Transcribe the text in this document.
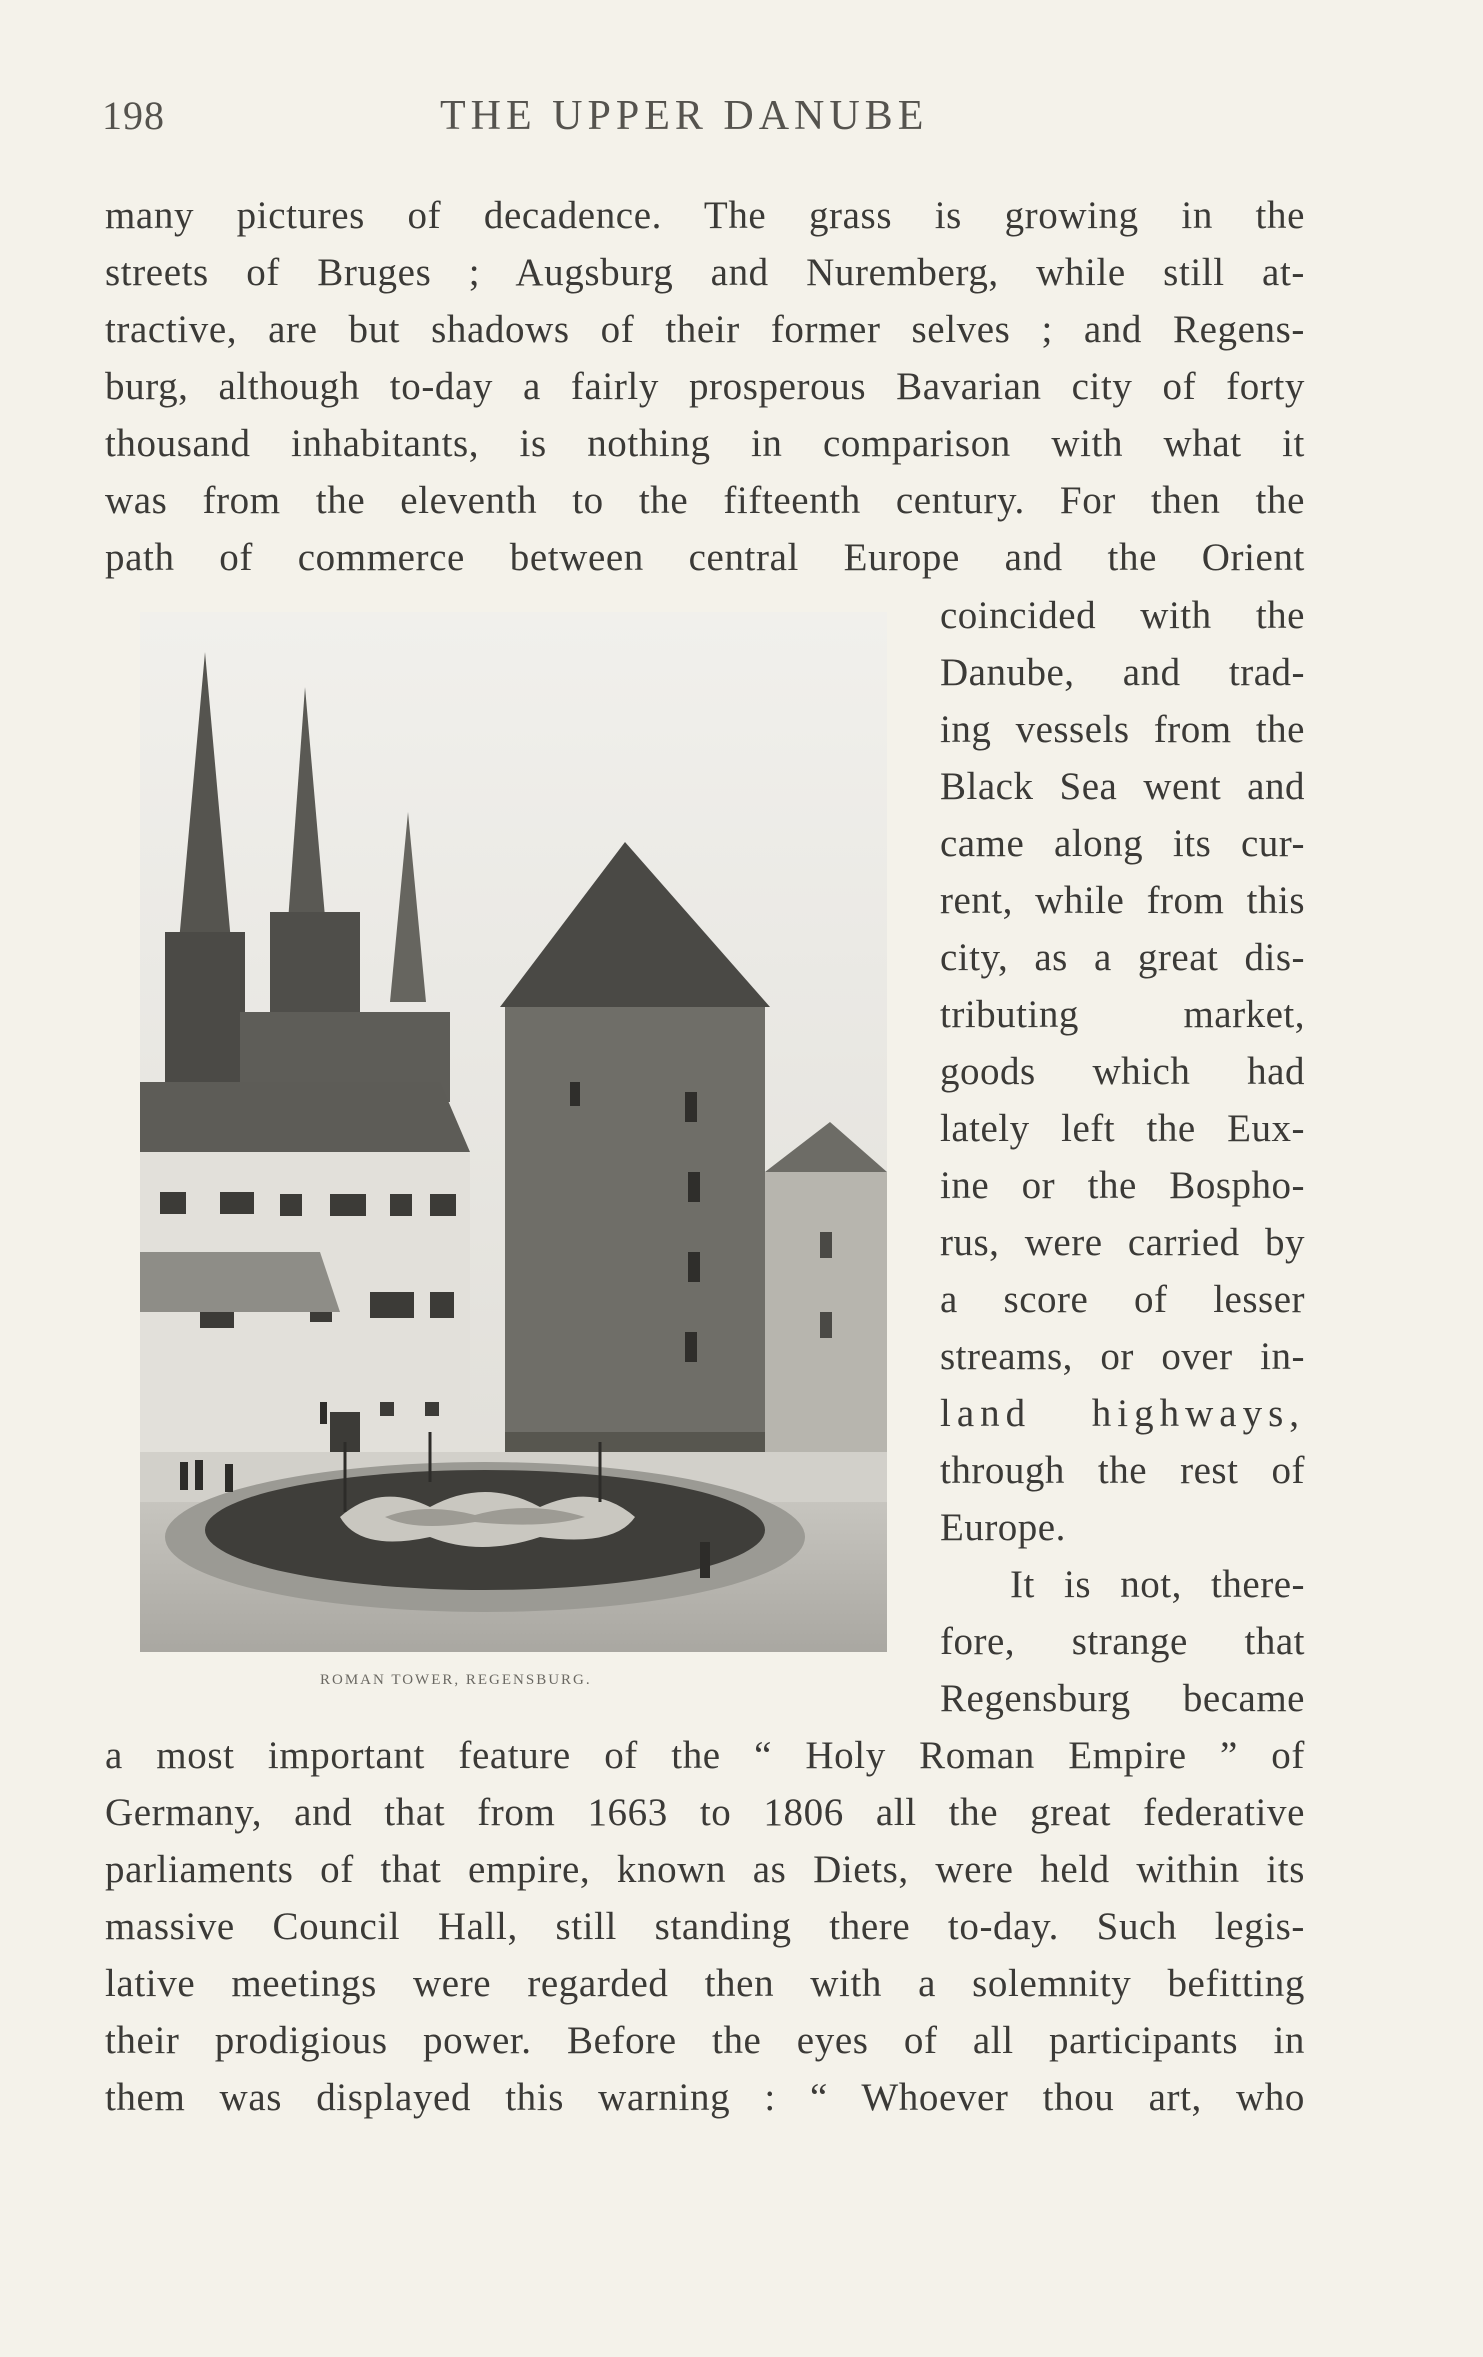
198	THE UPPER DANUBE
many pictures of decadence. The grass is growing in the
streets of Bruges ; Augsburg and Nuremberg, while still at-
tractive, are but shadows of their former selves ; and Regens-
burg, although to-day a fairly prosperous Bavarian city of forty
thousand inhabitants, is nothing in comparison with what it
was from the eleventh to the fifteenth century. For then the
path of commerce between central Europe and the Orient
ROMAN TOWER, REGENSBURG.
coincided with the
Danube, and trad-
ing vessels from the
Black Sea went and
came along its cur-
rent, while from this
city, as a great dis-
tributing market,
goods which had
lately left the Eux-
ine or the Bospho-
rus, were carried by
a score of lesser
streams, or over in-
land highways,
through the rest of
Europe.
It is not, there-
fore, strange that
Regensburg became
a most important feature of the “ Holy Roman Empire ” of
Germany, and that from 1663 to 1806 all the great federative
parliaments of that empire, known as Diets, were held within its
massive Council Hall, still standing there to-day. Such legis-
lative meetings were regarded then with a solemnity befitting
their prodigious power. Before the eyes of all participants in
them was displayed this warning : “ Whoever thou art, who
